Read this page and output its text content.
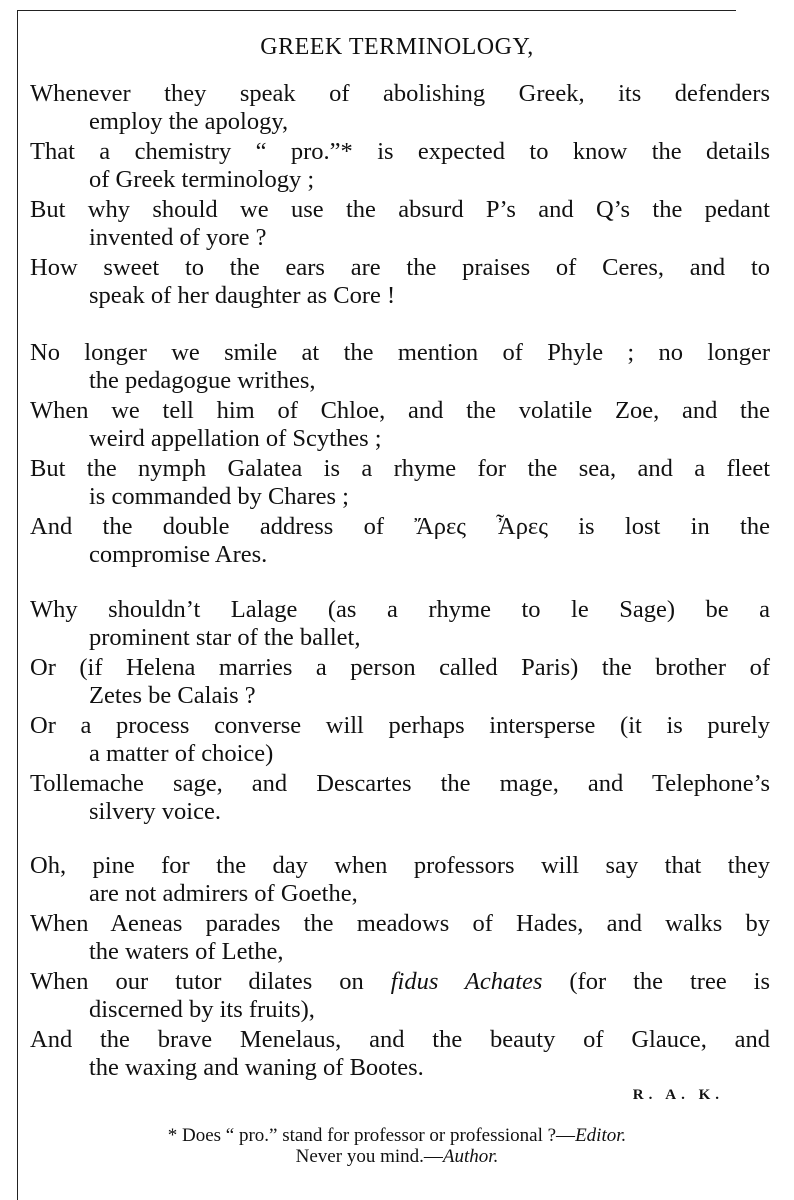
GREEK TERMINOLOGY,
Whenever they speak of abolishing Greek, its defenders
employ the apology,
That a chemistry “ pro.”* is expected to know the details
of Greek terminology ;
But why should we use the absurd P’s and Q’s the pedant
invented of yore ?
How sweet to the ears are the praises of Ceres, and to
speak of her daughter as Core !
No longer we smile at the mention of Phyle ; no longer
the pedagogue writhes,
When we tell him of Chloe, and the volatile Zoe, and the
weird appellation of Scythes ;
But the nymph Galatea is a rhyme for the sea, and a fleet
is commanded by Chares ;
And the double address of Ἄρες Ἆρες is lost in the
compromise Ares.
Why shouldn’t Lalage (as a rhyme to le Sage) be a
prominent star of the ballet,
Or (if Helena marries a person called Paris) the brother of
Zetes be Calais ?
Or a process converse will perhaps intersperse (it is purely
a matter of choice)
Tollemache sage, and Descartes the mage, and Telephone’s
silvery voice.
Oh, pine for the day when professors will say that they
are not admirers of Goethe,
When Aeneas parades the meadows of Hades, and walks by
the waters of Lethe,
When our tutor dilates on fidus Achates (for the tree is
discerned by its fruits),
And the brave Menelaus, and the beauty of Glauce, and
the waxing and waning of Bootes.
R. A. K.
* Does “ pro.” stand for professor or professional ?—Editor.
Never you mind.—Author.
